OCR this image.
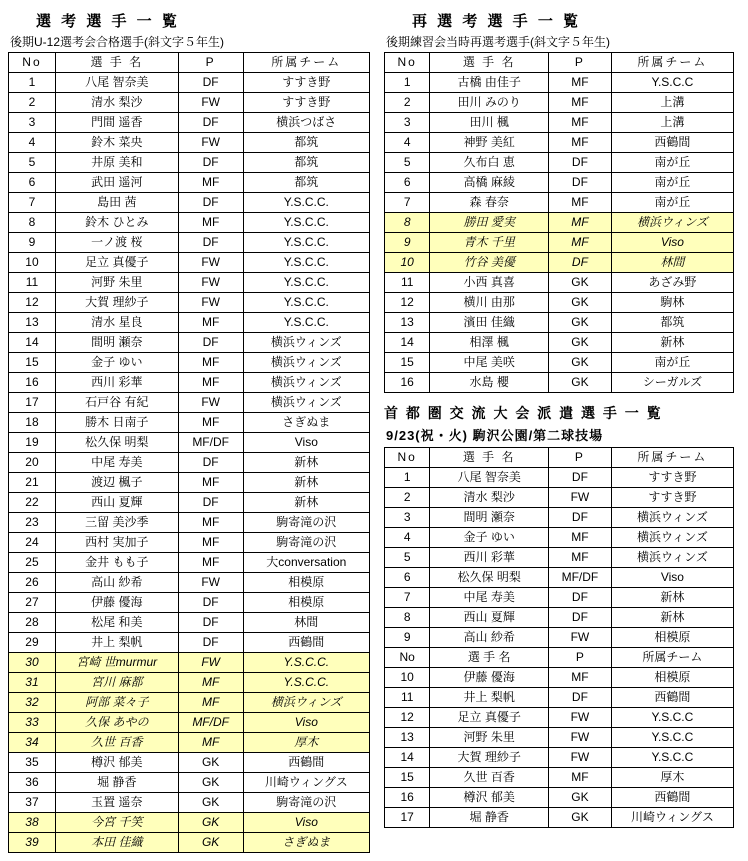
選 考 選 手 一 覧
後期U-12選考会合格選手(斜文字５年生)
No	選 手 名	P	所属チーム
1	八尾 智奈美	DF	すすき野
2	清水 梨沙	FW	すすき野
3	門間 遥香	DF	横浜つばさ
4	鈴木 菜央	FW	都筑
5	井原 美和	DF	都筑
6	武田 遥河	MF	都筑
7	島田 茜	DF	Y.S.C.C.
8	鈴木 ひとみ	MF	Y.S.C.C.
9	一ノ渡 桜	DF	Y.S.C.C.
10	足立 真優子	FW	Y.S.C.C.
11	河野 朱里	FW	Y.S.C.C.
12	大賀 理紗子	FW	Y.S.C.C.
13	清水 星良	MF	Y.S.C.C.
14	間明 瀬奈	DF	横浜ウィンズ
15	金子 ゆい	MF	横浜ウィンズ
16	西川 彩華	MF	横浜ウィンズ
17	石戸谷 有紀	FW	横浜ウィンズ
18	勝木 日南子	MF	さぎぬま
19	松久保 明梨	MF/DF	Viso
20	中尾 寿美	DF	新林
21	渡辺 楓子	MF	新林
22	西山 夏輝	DF	新林
23	三留 美沙季	MF	駒寄滝の沢
24	西村 実加子	MF	駒寄滝の沢
25	金井 もも子	MF	大conversation
26	高山 紗希	FW	相模原
27	伊藤 優海	DF	相模原
28	松尾 和美	DF	林間
29	井上 梨帆	DF	西鶴間
30	宮崎 世murmur	FW	Y.S.C.C.
31	宮川 麻都	MF	Y.S.C.C.
32	阿部 菜々子	MF	横浜ウィンズ
33	久保 あやの	MF/DF	Viso
34	久世 百香	MF	厚木
35	樽沢 郁美	GK	西鶴間
36	堀 静香	GK	川崎ウィングス
37	玉置 遥奈	GK	駒寄滝の沢
38	今宮 千笑	GK	Viso
39	本田 佳織	GK	さぎぬま
再 選 考 選 手 一 覧
後期練習会当時再選考選手(斜文字５年生)
No	選 手 名	P	所属チーム
1	古橋 由佳子	MF	Y.S.C.C
2	田川 みのり	MF	上溝
3	田川 楓	MF	上溝
4	神野 美紅	MF	西鶴間
5	久布白 恵	DF	南が丘
6	高橋 麻綾	DF	南が丘
7	森 春奈	MF	南が丘
8	勝田 愛実	MF	横浜ウィンズ
9	青木 千里	MF	Viso
10	竹谷 美優	DF	林間
11	小西 真喜	GK	あざみ野
12	横川 由那	GK	駒林
13	濱田 佳織	GK	都筑
14	相澤 楓	GK	新林
15	中尾 美咲	GK	南が丘
16	水島 櫻	GK	シーガルズ
首 都 圏 交 流 大 会 派 遣 選 手 一 覧
9/23(祝・火) 駒沢公園/第二球技場
No	選 手 名	P	所属チーム
1	八尾 智奈美	DF	すすき野
2	清水 梨沙	FW	すすき野
3	間明 瀬奈	DF	横浜ウィンズ
4	金子 ゆい	MF	横浜ウィンズ
5	西川 彩華	MF	横浜ウィンズ
6	松久保 明梨	MF/DF	Viso
7	中尾 寿美	DF	新林
8	西山 夏輝	DF	新林
9	高山 紗希	FW	相模原
No	選 手 名	P	所属チーム
10	伊藤 優海	MF	相模原
11	井上 梨帆	DF	西鶴間
12	足立 真優子	FW	Y.S.C.C
13	河野 朱里	FW	Y.S.C.C
14	大賀 理紗子	FW	Y.S.C.C
15	久世 百香	MF	厚木
16	樽沢 郁美	GK	西鶴間
17	堀 静香	GK	川崎ウィングス
